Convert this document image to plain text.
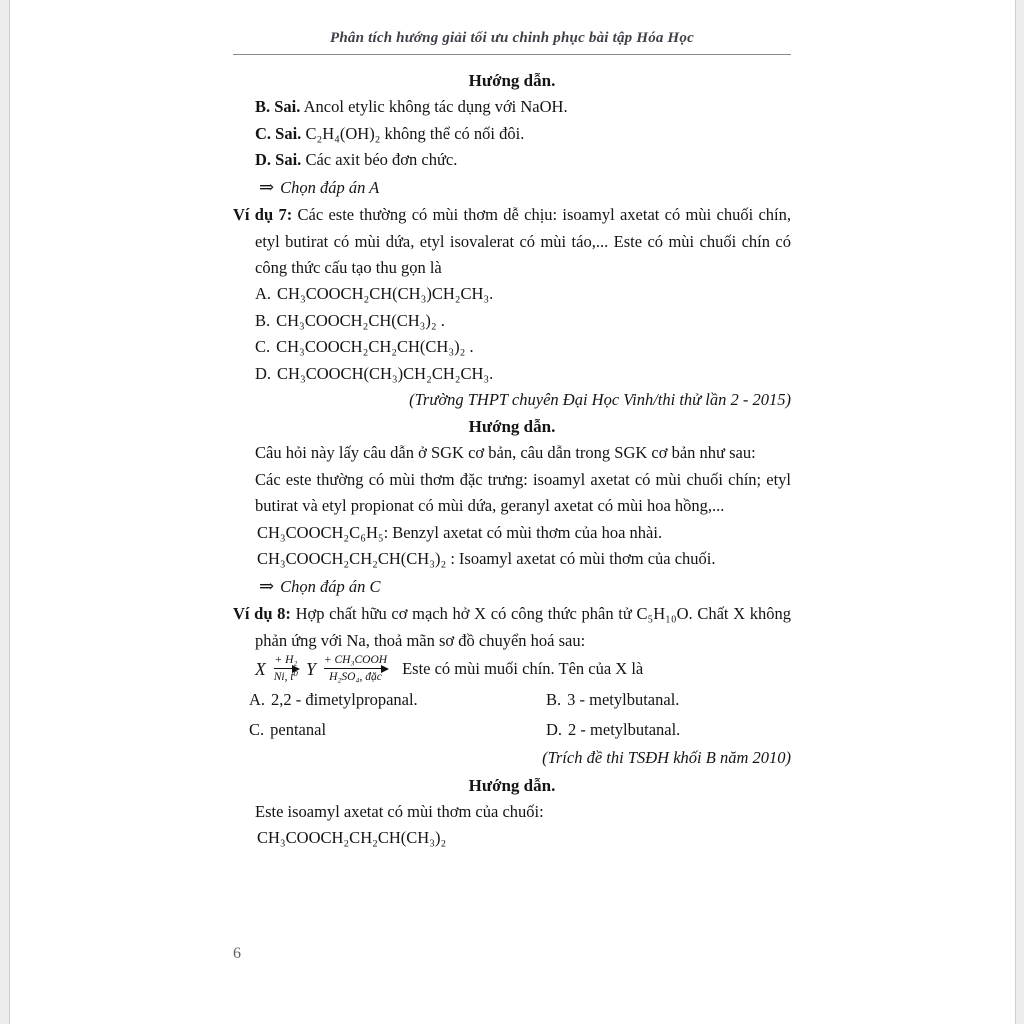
Phân tích hướng giải tối ưu chinh phục bài tập Hóa Học

Hướng dẫn.

B. Sai. Ancol etylic không tác dụng với NaOH.

C. Sai. C₂H₄(OH)₂ không thể có nối đôi.

D. Sai. Các axit béo đơn chức.

⇒ Chọn đáp án A

Ví dụ 7: Các este thường có mùi thơm dễ chịu: isoamyl axetat có mùi chuối chín, etyl butirat có mùi dứa, etyl isovalerat có mùi táo,... Este có mùi chuối chín có công thức cấu tạo thu gọn là

A. CH₃COOCH₂CH(CH₃)CH₂CH₃.

B. CH₃COOCH₂CH(CH₃)₂ .

C. CH₃COOCH₂CH₂CH(CH₃)₂ .

D. CH₃COOCH(CH₃)CH₂CH₂CH₃.

(Trường THPT chuyên Đại Học Vinh/thi thử lần 2 - 2015)

Hướng dẫn.

Câu hỏi này lấy câu dẫn ở SGK cơ bản, câu dẫn trong SGK cơ bản như sau:

Các este thường có mùi thơm đặc trưng: isoamyl axetat có mùi chuối chín; etyl butirat và etyl propionat có mùi dứa, geranyl axetat có mùi hoa hồng,...

CH₃COOCH₂C₆H₅: Benzyl axetat có mùi thơm của hoa nhài.

CH₃COOCH₂CH₂CH(CH₃)₂ : Isoamyl axetat có mùi thơm của chuối.

⇒ Chọn đáp án C

Ví dụ 8: Hợp chất hữu cơ mạch hở X có công thức phân tử C₅H₁₀O. Chất X không phản ứng với Na, thoả mãn sơ đồ chuyển hoá sau:

X + H₂
Ni, t⁰ Y + CH₃COOH
H₂SO₄, đặc Este có mùi muối chín. Tên của X là

A. 2,2 - đimetylpropanal.	B. 3 - metylbutanal.

C. pentanal	D. 2 - metylbutanal.

(Trích đề thi TSĐH khối B năm 2010)

Hướng dẫn.

Este isoamyl axetat có mùi thơm của chuối:

CH₃COOCH₂CH₂CH(CH₃)₂

6
